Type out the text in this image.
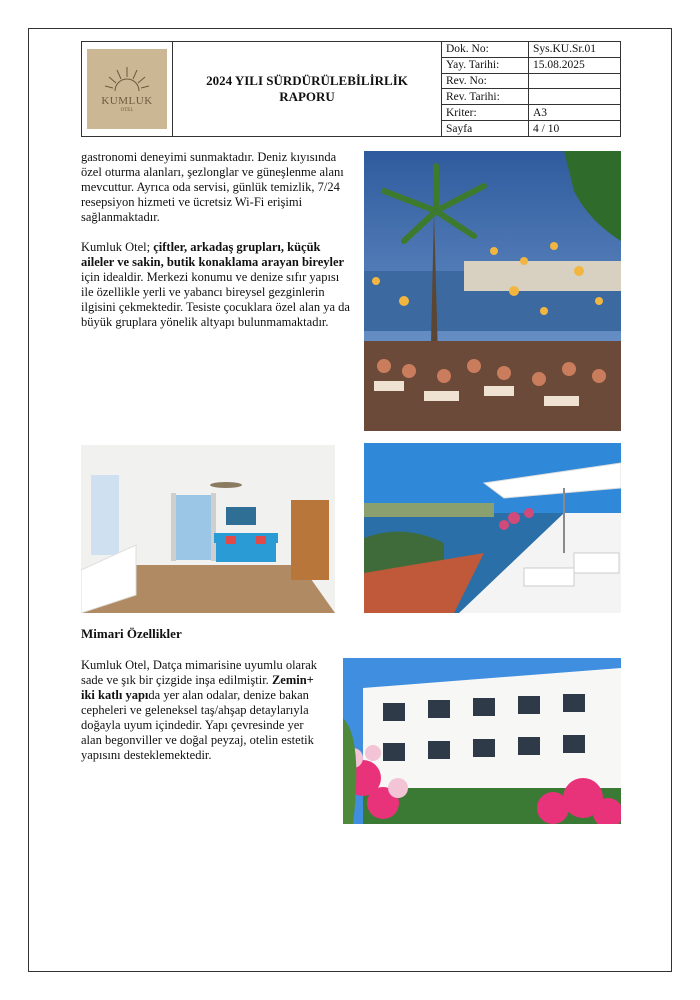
KUMLUK
OTEL
2024 YILI SÜRDÜRÜLEBİLİRLİK RAPORU
Dok. No:	Sys.KU.Sr.01
Yay. Tarihi:	15.08.2025
Rev. No:	
Rev. Tarihi:	
Kriter:	A3
Sayfa	4 / 10

gastronomi deneyimi sunmaktadır. Deniz kıyısında özel oturma alanları, şezlonglar ve güneşlenme alanı mevcuttur. Ayrıca oda servisi, günlük temizlik, 7/24 resepsiyon hizmeti ve ücretsiz Wi-Fi erişimi sağlanmaktadır.

Kumluk Otel; çiftler, arkadaş grupları, küçük aileler ve sakin, butik konaklama arayan bireyler için idealdir. Merkezi konumu ve denize sıfır yapısı ile özellikle yerli ve yabancı bireysel gezginlerin ilgisini çekmektedir. Tesiste çocuklara özel alan ya da büyük gruplara yönelik altyapı bulunmamaktadır.

Mimari Özellikler

Kumluk Otel, Datça mimarisine uyumlu olarak sade ve şık bir çizgide inşa edilmiştir. Zemin+ iki katlı yapıda yer alan odalar, denize bakan cepheleri ve geleneksel taş/ahşap detaylarıyla doğayla uyum içindedir. Yapı çevresinde yer alan begonviller ve doğal peyzaj, otelin estetik yapısını desteklemektedir.
